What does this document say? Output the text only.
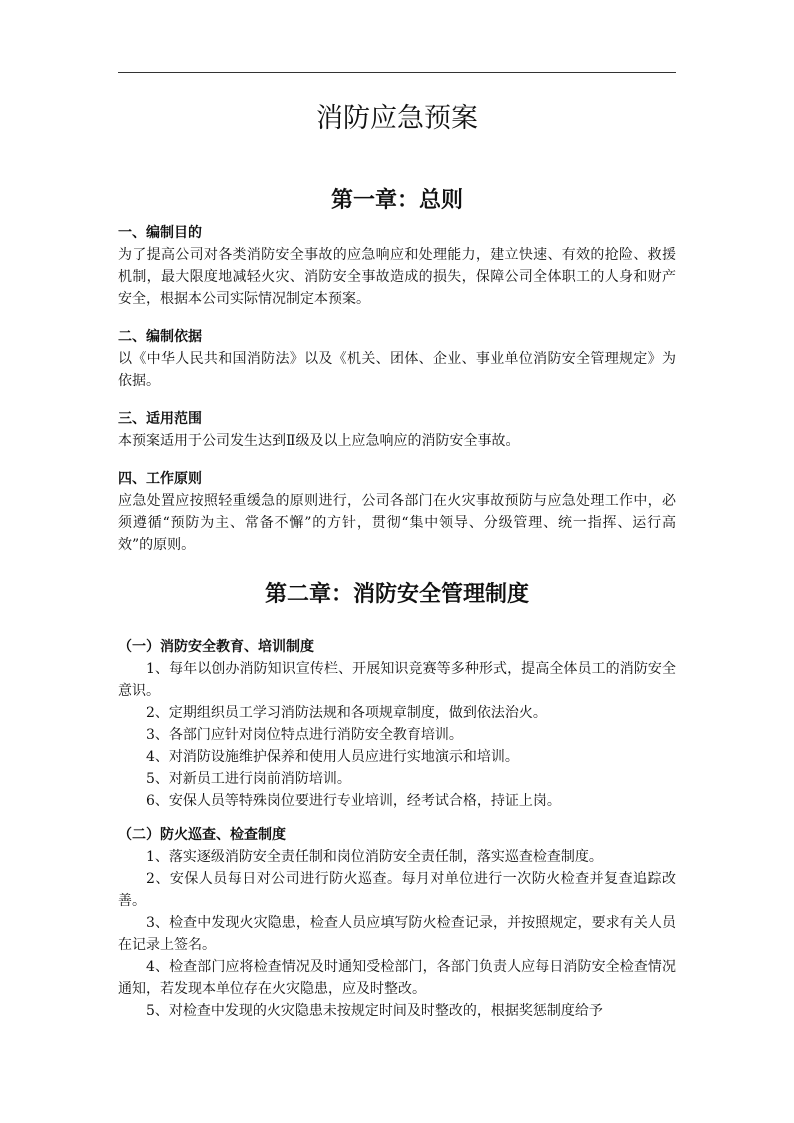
消防应急预案
第一章：总则

一、编制目的

为了提高公司对各类消防安全事故的应急响应和处理能力，建立快速、有效的抢险、救援机制，最大限度地减轻火灾、消防安全事故造成的损失，保障公司全体职工的人身和财产安全，根据本公司实际情况制定本预案。

二、编制依据

以《中华人民共和国消防法》以及《机关、团体、企业、事业单位消防安全管理规定》为依据。

三、适用范围

本预案适用于公司发生达到Ⅱ级及以上应急响应的消防安全事故。

四、工作原则

应急处置应按照轻重缓急的原则进行，公司各部门在火灾事故预防与应急处理工作中，必须遵循“预防为主、常备不懈”的方针，贯彻“集中领导、分级管理、统一指挥、运行高效”的原则。

第二章：消防安全管理制度

（一）消防安全教育、培训制度

1、每年以创办消防知识宣传栏、开展知识竞赛等多种形式，提高全体员工的消防安全意识。

2、定期组织员工学习消防法规和各项规章制度，做到依法治火。

3、各部门应针对岗位特点进行消防安全教育培训。

4、对消防设施维护保养和使用人员应进行实地演示和培训。

5、对新员工进行岗前消防培训。

6、安保人员等特殊岗位要进行专业培训，经考试合格，持证上岗。

（二）防火巡查、检查制度

1、落实逐级消防安全责任制和岗位消防安全责任制，落实巡查检查制度。

2、安保人员每日对公司进行防火巡查。每月对单位进行一次防火检查并复查追踪改善。

3、检查中发现火灾隐患，检查人员应填写防火检查记录，并按照规定，要求有关人员在记录上签名。

4、检查部门应将检查情况及时通知受检部门，各部门负责人应每日消防安全检查情况通知，若发现本单位存在火灾隐患，应及时整改。

5、对检查中发现的火灾隐患未按规定时间及时整改的，根据奖惩制度给予
